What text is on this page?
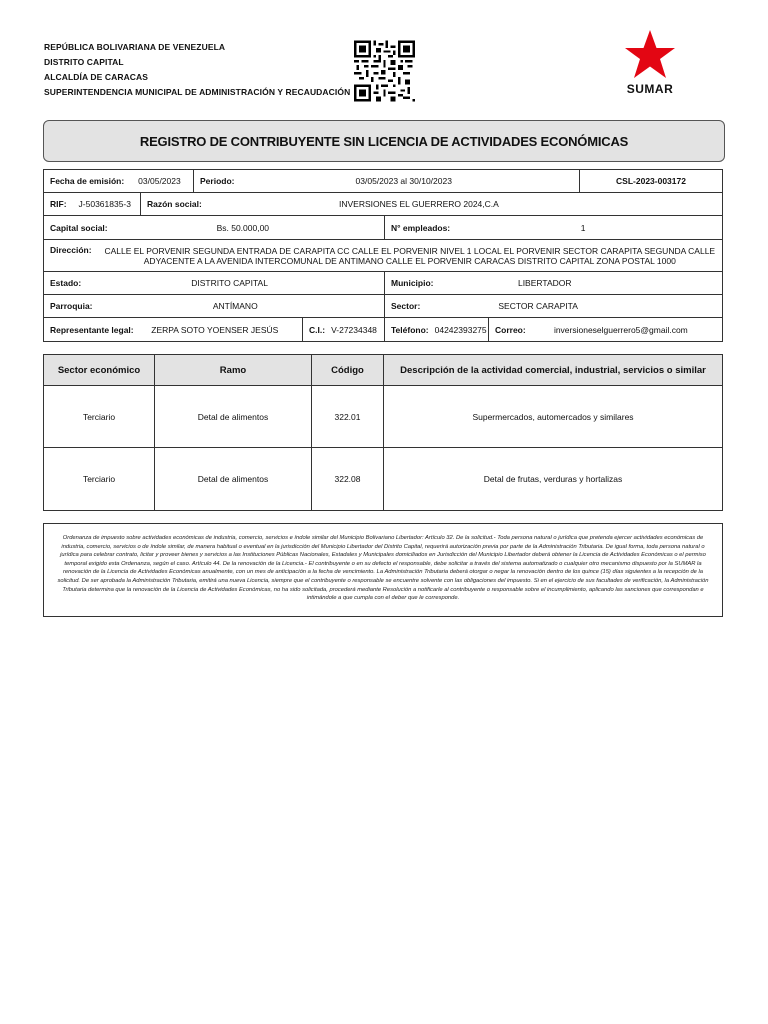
REPÚBLICA BOLIVARIANA DE VENEZUELA
DISTRITO CAPITAL
ALCALDÍA DE CARACAS
SUPERINTENDENCIA MUNICIPAL DE ADMINISTRACIÓN Y RECAUDACIÓN	SUMAR
REGISTRO DE CONTRIBUYENTE SIN LICENCIA DE ACTIVIDADES ECONÓMICAS
Fecha de emisión: 03/05/2023 Periodo:	03/05/2023 al 30/10/2023	CSL-2023-003172
RIF: J-50361835-3 Razón social:	INVERSIONES EL GUERRERO 2024,C.A
Capital social:	Bs. 50.000,00	N° empleados:	1
Dirección: CALLE EL PORVENIR SEGUNDA ENTRADA DE CARAPITA CC CALLE EL PORVENIR NIVEL 1 LOCAL EL PORVENIR SECTOR CARAPITA SEGUNDA CALLE ADYACENTE A LA AVENIDA INTERCOMUNAL DE ANTIMANO CALLE EL PORVENIR CARACAS DISTRITO CAPITAL ZONA POSTAL 1000
Estado:	DISTRITO CAPITAL	Municipio:	LIBERTADOR
Parroquia:	ANTÍMANO	Sector:	SECTOR CARAPITA
Representante legal:	ZERPA SOTO YOENSER JESÚS	C.I.: V-27234348 Teléfono: 04242393275 Correo:	inversioneselguerrero5@gmail.com
Sector económico	Ramo	Código	Descripción de la actividad comercial, industrial, servicios o similar
Terciario	Detal de alimentos	322.01	Supermercados, automercados y similares
Terciario	Detal de alimentos	322.08	Detal de frutas, verduras y hortalizas
Ordenanza de impuesto sobre actividades económicas de industria, comercio, servicios e índole similar del Municipio Bolivariano Libertador: Artículo 32. De la solicitud.- Toda persona natural o jurídica que pretenda ejercer actividades económicas de industria, comercio, servicios o de índole similar, de manera habitual o eventual en la jurisdicción del Municipio Libertador del Distrito Capital, requerirá autorización previa por parte de la Administración Tributaria. De igual forma, toda persona natural o jurídica para celebrar contrato, licitar y proveer bienes y servicios a las Instituciones Públicas Nacionales, Estadales y Municipales domiciliados en Jurisdicción del Municipio Libertador deberá obtener la Licencia de Actividades Económicas o el permiso temporal exigido esta Ordenanza, según el caso. Artículo 44. De la renovación de la Licencia.- El contribuyente o en su defecto el responsable, debe solicitar a través del sistema automatizado o cualquier otro mecanismo dispuesto por la SUMAR la renovación de la Licencia de Actividades Económicas anualmente, con un mes de anticipación a la fecha de vencimiento. La Administración Tributaria deberá otorgar o negar la renovación dentro de los quince (15) días siguientes a la recepción de la solicitud. De ser aprobada la Administración Tributaria, emitirá una nueva Licencia, siempre que el contribuyente o responsable se encuentre solvente con las obligaciones del impuesto. Si en el ejercicio de sus facultades de verificación, la Administración Tributaria determina que la renovación de la Licencia de Actividades Económicas, no ha sido solicitada, procederá mediante Resolución a notificarle al contribuyente o responsable sobre el incumplimiento, aplicando las sanciones que correspondan e intimándole a que cumpla con el deber que le corresponde.
